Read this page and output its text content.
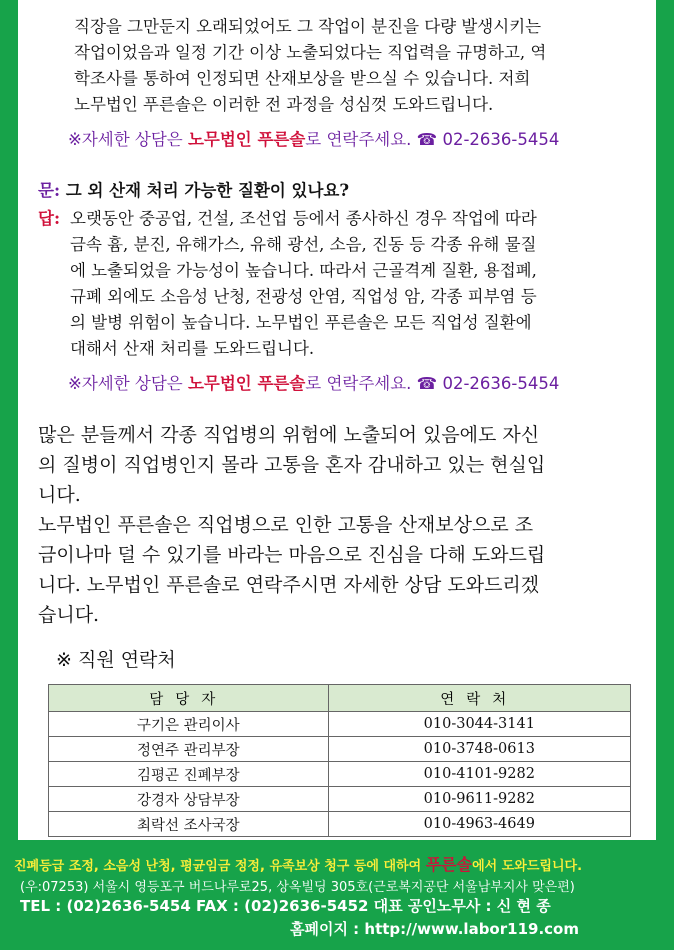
직장을 그만둔지 오래되었어도 그 작업이 분진을 다량 발생시키는
작업이었음과 일정 기간 이상 노출되었다는 직업력을 규명하고, 역
학조사를 통하여 인정되면 산재보상을 받으실 수 있습니다. 저희
노무법인 푸른솔은 이러한 전 과정을 성심껏 도와드립니다.
※자세한 상담은 노무법인 푸른솔로 연락주세요. ☎ 02-2636-5454
문: 그 외 산재 처리 가능한 질환이 있나요?
답: 오랫동안 중공업, 건설, 조선업 등에서 종사하신 경우 작업에 따라
금속 흄, 분진, 유해가스, 유해 광선, 소음, 진동 등 각종 유해 물질
에 노출되었을 가능성이 높습니다. 따라서 근골격계 질환, 용접폐,
규폐 외에도 소음성 난청, 전광성 안염, 직업성 암, 각종 피부염 등
의 발병 위험이 높습니다. 노무법인 푸른솔은 모든 직업성 질환에
대해서 산재 처리를 도와드립니다.
※자세한 상담은 노무법인 푸른솔로 연락주세요. ☎ 02-2636-5454
많은 분들께서 각종 직업병의 위험에 노출되어 있음에도 자신
의 질병이 직업병인지 몰라 고통을 혼자 감내하고 있는 현실입
니다.
노무법인 푸른솔은 직업병으로 인한 고통을 산재보상으로 조
금이나마 덜 수 있기를 바라는 마음으로 진심을 다해 도와드립
니다. 노무법인 푸른솔로 연락주시면 자세한 상담 도와드리겠
습니다.
※ 직원 연락처
담당자	연락처
구기은 관리이사	010-3044-3141
정연주 관리부장	010-3748-0613
김평곤 진폐부장	010-4101-9282
강경자 상담부장	010-9611-9282
최락선 조사국장	010-4963-4649
진폐등급 조정, 소음성 난청, 평균임금 정정, 유족보상 청구 등에 대하여 푸른솔에서 도와드립니다.
(우:07253) 서울시 영등포구 버드나루로25, 상옥빌딩 305호(근로복지공단 서울남부지사 맞은편)
TEL : (02)2636-5454 FAX : (02)2636-5452 대표 공인노무사 : 신 현 종
홈페이지 : http://www.labor119.com
